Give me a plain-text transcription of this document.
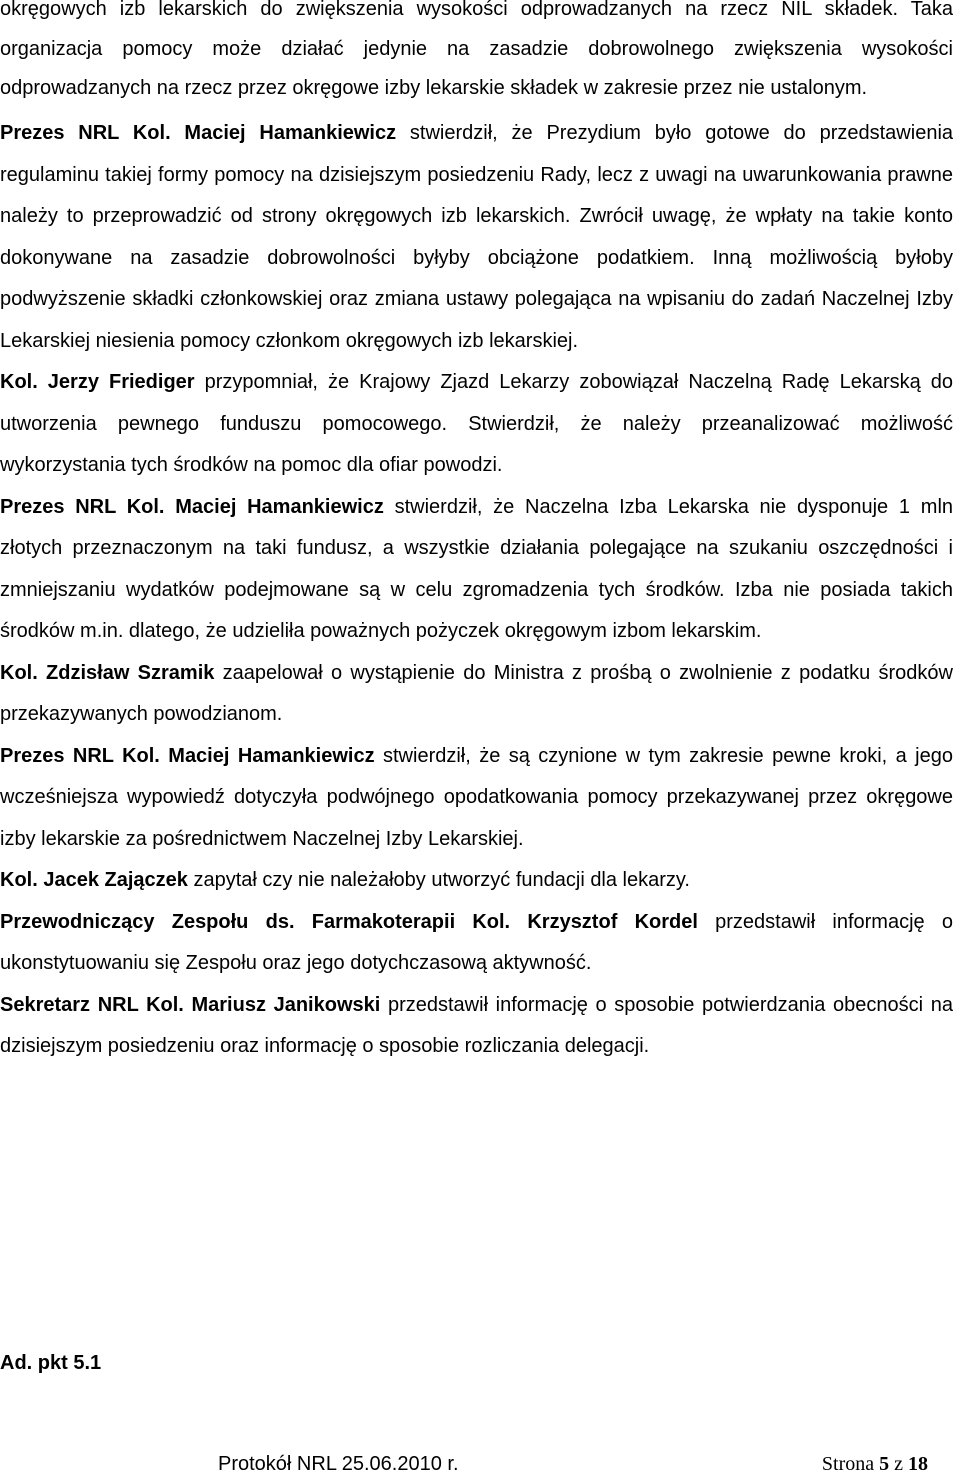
okręgowych izb lekarskich do zwiększenia wysokości odprowadzanych na rzecz NIL składek. Taka organizacja pomocy może działać jedynie na zasadzie dobrowolnego zwiększenia wysokości odprowadzanych na rzecz przez okręgowe izby lekarskie składek w zakresie przez nie ustalonym.

Prezes NRL Kol. Maciej Hamankiewicz stwierdził, że Prezydium było gotowe do przedstawienia regulaminu takiej formy pomocy na dzisiejszym posiedzeniu Rady, lecz z uwagi na uwarunkowania prawne należy to przeprowadzić od strony okręgowych izb lekarskich. Zwrócił uwagę, że wpłaty na takie konto dokonywane na zasadzie dobrowolności byłyby obciążone podatkiem. Inną możliwością byłoby podwyższenie składki członkowskiej oraz zmiana ustawy polegająca na wpisaniu do zadań Naczelnej Izby Lekarskiej niesienia pomocy członkom okręgowych izb lekarskiej.

Kol. Jerzy Friediger przypomniał, że Krajowy Zjazd Lekarzy zobowiązał Naczelną Radę Lekarską do utworzenia pewnego funduszu pomocowego. Stwierdził, że należy przeanalizować możliwość wykorzystania tych środków na pomoc dla ofiar powodzi.

Prezes NRL Kol. Maciej Hamankiewicz stwierdził, że Naczelna Izba Lekarska nie dysponuje 1 mln złotych przeznaczonym na taki fundusz, a wszystkie działania polegające na szukaniu oszczędności i zmniejszaniu wydatków podejmowane są w celu zgromadzenia tych środków. Izba nie posiada takich środków m.in. dlatego, że udzieliła poważnych pożyczek okręgowym izbom lekarskim.

Kol. Zdzisław Szramik zaapelował o wystąpienie do Ministra z prośbą o zwolnienie z podatku środków przekazywanych powodzianom.

Prezes NRL Kol. Maciej Hamankiewicz stwierdził, że są czynione w tym zakresie pewne kroki, a jego wcześniejsza wypowiedź dotyczyła podwójnego opodatkowania pomocy przekazywanej przez okręgowe izby lekarskie za pośrednictwem Naczelnej Izby Lekarskiej.

Kol. Jacek Zajączek zapytał czy nie należałoby utworzyć fundacji dla lekarzy.

Przewodniczący Zespołu ds. Farmakoterapii Kol. Krzysztof Kordel przedstawił informację o ukonstytuowaniu się Zespołu oraz jego dotychczasową aktywność.

Sekretarz NRL Kol. Mariusz Janikowski przedstawił informację o sposobie potwierdzania obecności na dzisiejszym posiedzeniu oraz informację o sposobie rozliczania delegacji.

Ad. pkt 5.1

Protokół NRL 25.06.2010 r.	Strona 5 z 18
